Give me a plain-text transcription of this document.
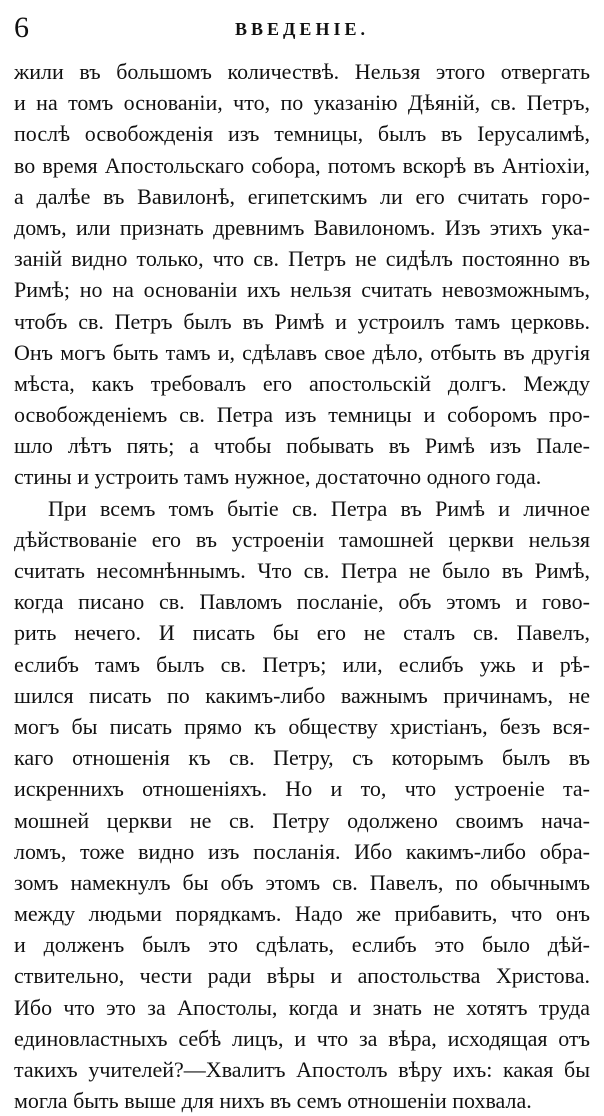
6	ВВЕДЕНІЕ.
жили въ большомъ количествѣ. Нельзя этого отвергать
и на томъ основаніи, что, по указанію Дѣяній, св. Петръ,
послѣ освобожденія изъ темницы, былъ въ Іерусалимѣ,
во время Апостольскаго собора, потомъ вскорѣ въ Антіохіи,
а далѣе въ Вавилонѣ, египетскимъ ли его считать горо-
домъ, или признать древнимъ Вавилономъ. Изъ этихъ ука-
заній видно только, что св. Петръ не сидѣлъ постоянно въ
Римѣ; но на основаніи ихъ нельзя считать невозможнымъ,
чтобъ св. Петръ былъ въ Римѣ и устроилъ тамъ церковь.
Онъ могъ быть тамъ и, сдѣлавъ свое дѣло, отбыть въ другія
мѣста, какъ требовалъ его апостольскій долгъ. Между
освобожденіемъ св. Петра изъ темницы и соборомъ про-
шло лѣтъ пять; а чтобы побывать въ Римѣ изъ Пале-
стины и устроить тамъ нужное, достаточно одного года.
При всемъ томъ бытіе св. Петра въ Римѣ и личное
дѣйствованіе его въ устроеніи тамошней церкви нельзя
считать несомнѣннымъ. Что св. Петра не было въ Римѣ,
когда писано св. Павломъ посланіе, объ этомъ и гово-
рить нечего. И писать бы его не сталъ св. Павелъ,
еслибъ тамъ былъ св. Петръ; или, еслибъ ужь и рѣ-
шился писать по какимъ-либо важнымъ причинамъ, не
могъ бы писать прямо къ обществу христіанъ, безъ вся-
каго отношенія къ св. Петру, съ которымъ былъ въ
искреннихъ отношеніяхъ. Но и то, что устроеніе та-
мошней церкви не св. Петру одолжено своимъ нача-
ломъ, тоже видно изъ посланія. Ибо какимъ-либо обра-
зомъ намекнулъ бы объ этомъ св. Павелъ, по обычнымъ
между людьми порядкамъ. Надо же прибавить, что онъ
и долженъ былъ это сдѣлать, еслибъ это было дѣй-
ствительно, чести ради вѣры и апостольства Христова.
Ибо что это за Апостолы, когда и знать не хотятъ труда
единовластныхъ себѣ лицъ, и что за вѣра, исходящая отъ
такихъ учителей?—Хвалитъ Апостолъ вѣру ихъ: какая бы
могла быть выше для нихъ въ семъ отношеніи похвала.
